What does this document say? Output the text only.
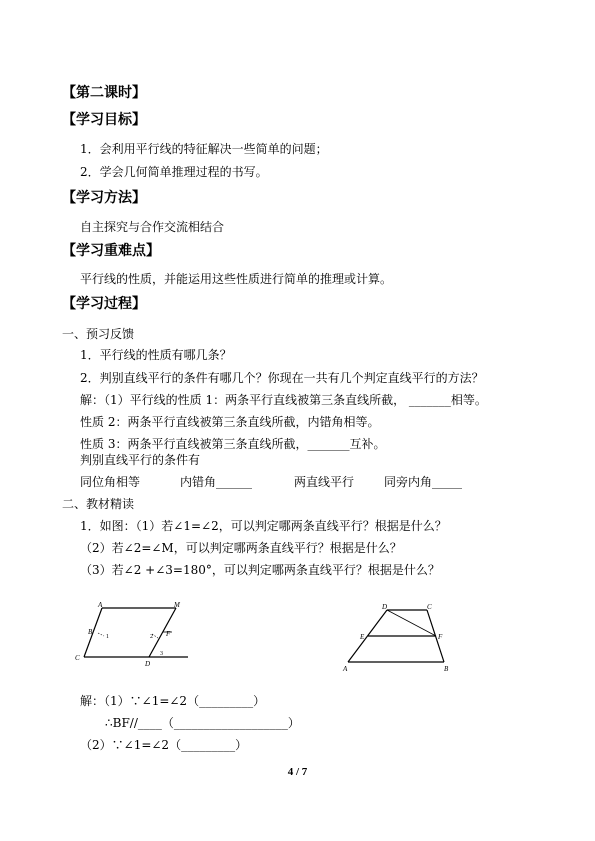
【第二课时】
【学习目标】
1．会利用平行线的特征解决一些简单的问题；
2．学会几何简单推理过程的书写。
【学习方法】
自主探究与合作交流相结合
【学习重难点】
平行线的性质，并能运用这些性质进行简单的推理或计算。
【学习过程】
一、预习反馈
1．平行线的性质有哪几条？
2．判别直线平行的条件有哪几个？你现在一共有几个判定直线平行的方法？
解：（1）平行线的性质 1：两条平行直线被第三条直线所截， _______相等。
性质 2：两条平行直线被第三条直线所截，内错角相等。
性质 3：两条平行直线被第三条直线所截，_______互补。
判别直线平行的条件有
同位角相等	内错角______	两直线平行 同旁内角_____
二、教材精读
1．如图：（1）若∠1=∠2，可以判定哪两条直线平行？根据是什么？
（2）若∠2=∠M，可以判定哪两条直线平行？根据是什么？
（3）若∠2 +∠3=180°，可以判定哪两条直线平行？根据是什么？
A	M
B	F
C
D
1	2
3
D	C
E	F
A	B
解：（1）∵∠1=∠2（_________）
∴BF//____（___________________）
（2）∵∠1=∠2（_________）
4 / 7
